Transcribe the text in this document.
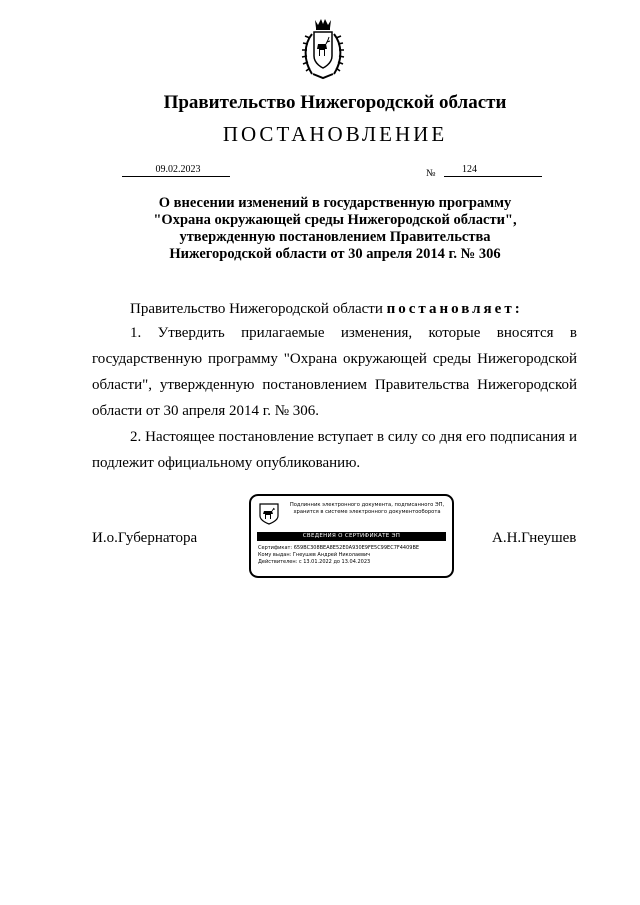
Правительство Нижегородской области
ПОСТАНОВЛЕНИЕ
09.02.2023	№	124
О внесении изменений в государственную программу
"Охрана окружающей среды Нижегородской области",
утвержденную постановлением Правительства
Нижегородской области от 30 апреля 2014 г. № 306
Правительство Нижегородской области постановляет:
1. Утвердить прилагаемые изменения, которые вносятся в государственную программу "Охрана окружающей среды Нижегородской области", утвержденную постановлением Правительства Нижегородской области от 30 апреля 2014 г. № 306.
2. Настоящее постановление вступает в силу со дня его подписания и подлежит официальному опубликованию.
И.о.Губернатора	А.Н.Гнеушев
Подлинник электронного документа, подписанного ЭП, хранится в системе электронного документооборота
СВЕДЕНИЯ О СЕРТИФИКАТЕ ЭП
Сертификат: 659BC308BEA8E52E0A930E9FE5C99EC7F4409BE
Кому выдан: Гнеушев Андрей Николаевич
Действителен: с 13.01.2022 до 13.04.2023
